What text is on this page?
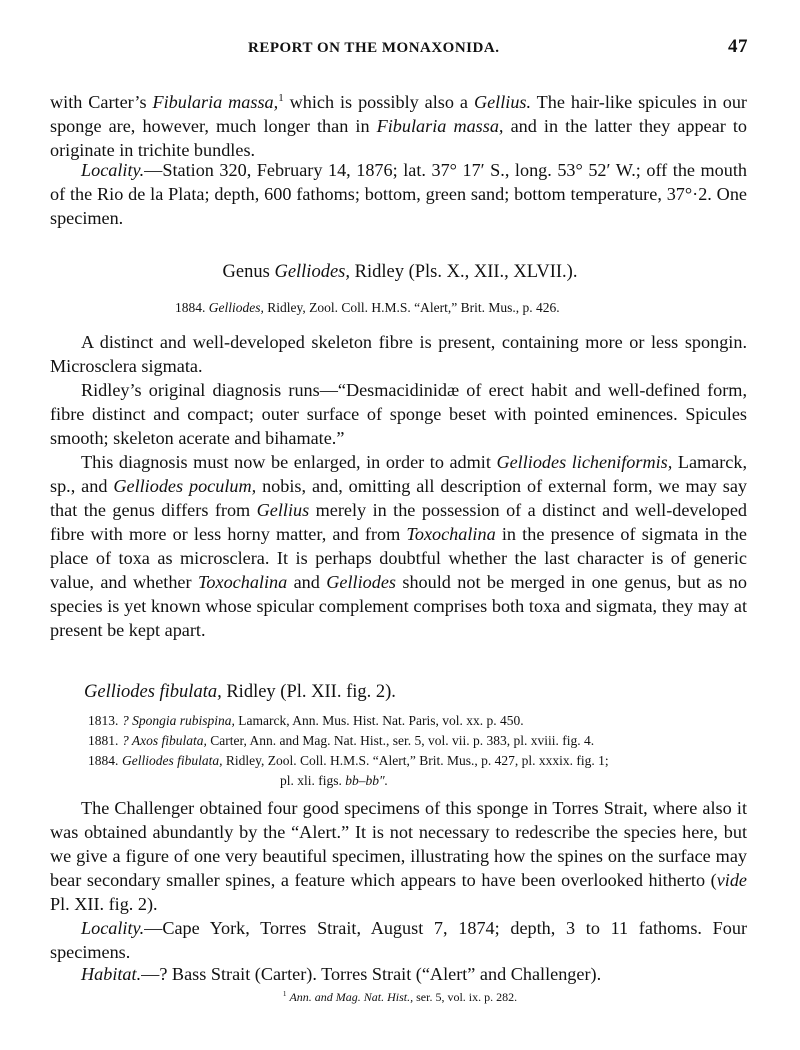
REPORT ON THE MONAXONIDA.	47

with Carter’s Fibularia massa,$^1$ which is possibly also a Gellius. The hair-like spicules in our sponge are, however, much longer than in Fibularia massa, and in the latter they appear to originate in trichite bundles.

Locality.—Station 320, February 14, 1876; lat. 37° 17′ S., long. 53° 52′ W.; off the mouth of the Rio de la Plata; depth, 600 fathoms; bottom, green sand; bottom temperature, 37°·2. One specimen.

Genus Gelliodes, Ridley (Pls. X., XII., XLVII.).
1884. Gelliodes, Ridley, Zool. Coll. H.M.S. “Alert,” Brit. Mus., p. 426.

A distinct and well-developed skeleton fibre is present, containing more or less spongin. Microsclera sigmata.

Ridley’s original diagnosis runs—“Desmacidinidæ of erect habit and well-defined form, fibre distinct and compact; outer surface of sponge beset with pointed eminences. Spicules smooth; skeleton acerate and bihamate.”

This diagnosis must now be enlarged, in order to admit Gelliodes licheniformis, Lamarck, sp., and Gelliodes poculum, nobis, and, omitting all description of external form, we may say that the genus differs from Gellius merely in the possession of a distinct and well-developed fibre with more or less horny matter, and from Toxochalina in the presence of sigmata in the place of toxa as microsclera. It is perhaps doubtful whether the last character is of generic value, and whether Toxochalina and Gelliodes should not be merged in one genus, but as no species is yet known whose spicular complement comprises both toxa and sigmata, they may at present be kept apart.

Gelliodes fibulata, Ridley (Pl. XII. fig. 2).
1813. ? Spongia rubispina, Lamarck, Ann. Mus. Hist. Nat. Paris, vol. xx. p. 450.
1881. ? Axos fibulata, Carter, Ann. and Mag. Nat. Hist., ser. 5, vol. vii. p. 383, pl. xviii. fig. 4.
1884. Gelliodes fibulata, Ridley, Zool. Coll. H.M.S. “Alert,” Brit. Mus., p. 427, pl. xxxix. fig. 1;
pl. xli. figs. bb–bb″.

The Challenger obtained four good specimens of this sponge in Torres Strait, where also it was obtained abundantly by the “Alert.” It is not necessary to redescribe the species here, but we give a figure of one very beautiful specimen, illustrating how the spines on the surface may bear secondary smaller spines, a feature which appears to have been overlooked hitherto (vide Pl. XII. fig. 2).

Locality.—Cape York, Torres Strait, August 7, 1874; depth, 3 to 11 fathoms. Four specimens.

Habitat.—? Bass Strait (Carter). Torres Strait (“Alert” and Challenger).

$^1$ Ann. and Mag. Nat. Hist., ser. 5, vol. ix. p. 282.
